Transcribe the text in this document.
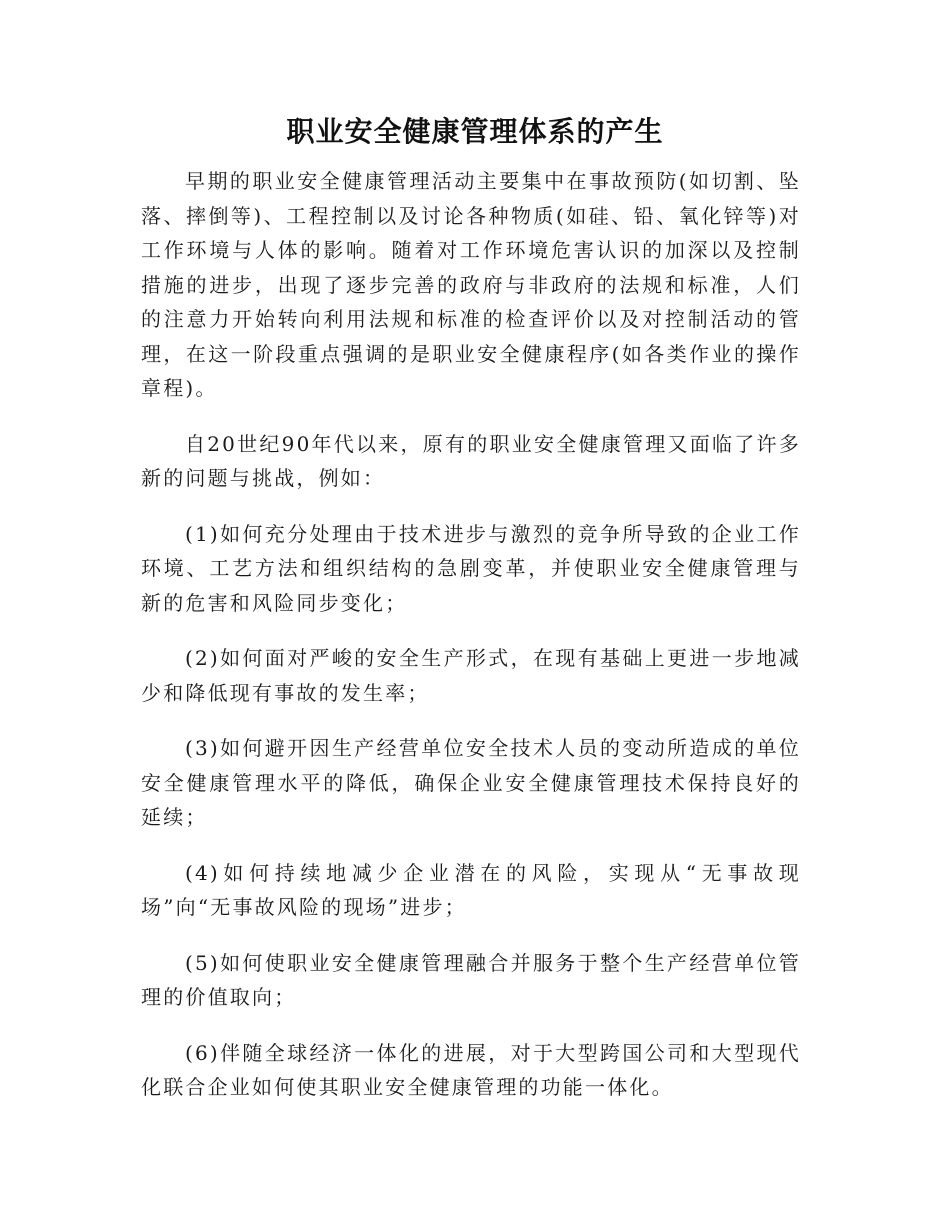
职业安全健康管理体系的产生

早期的职业安全健康管理活动主要集中在事故预防(如切割、坠落、摔倒等)、工程控制以及讨论各种物质(如硅、铅、氧化锌等)对工作环境与人体的影响。随着对工作环境危害认识的加深以及控制措施的进步，出现了逐步完善的政府与非政府的法规和标准，人们的注意力开始转向利用法规和标准的检查评价以及对控制活动的管理，在这一阶段重点强调的是职业安全健康程序(如各类作业的操作章程)。

自20世纪90年代以来，原有的职业安全健康管理又面临了许多新的问题与挑战，例如：

(1)如何充分处理由于技术进步与激烈的竞争所导致的企业工作环境、工艺方法和组织结构的急剧变革，并使职业安全健康管理与新的危害和风险同步变化；

(2)如何面对严峻的安全生产形式，在现有基础上更进一步地减少和降低现有事故的发生率；

(3)如何避开因生产经营单位安全技术人员的变动所造成的单位安全健康管理水平的降低，确保企业安全健康管理技术保持良好的延续；

(4)如何持续地减少企业潜在的风险，实现从“无事故现场”向“无事故风险的现场”进步；

(5)如何使职业安全健康管理融合并服务于整个生产经营单位管理的价值取向；

(6)伴随全球经济一体化的进展，对于大型跨国公司和大型现代化联合企业如何使其职业安全健康管理的功能一体化。
